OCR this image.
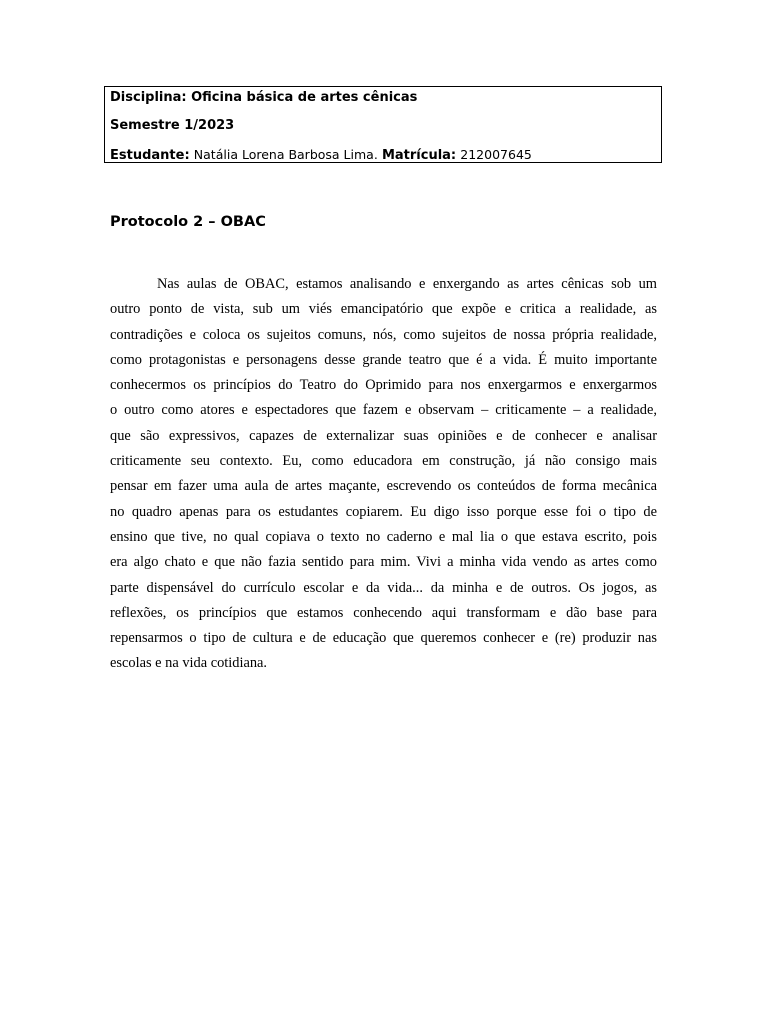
Disciplina: Oficina básica de artes cênicas
Semestre 1/2023
Estudante: Natália Lorena Barbosa Lima. Matrícula: 212007645
Protocolo 2 – OBAC
Nas aulas de OBAC, estamos analisando e enxergando as artes cênicas sob um
outro ponto de vista, sub um viés emancipatório que expõe e critica a realidade, as
contradições e coloca os sujeitos comuns, nós, como sujeitos de nossa própria realidade,
como protagonistas e personagens desse grande teatro que é a vida. É muito importante
conhecermos os princípios do Teatro do Oprimido para nos enxergarmos e enxergarmos
o outro como atores e espectadores que fazem e observam – criticamente – a realidade,
que são expressivos, capazes de externalizar suas opiniões e de conhecer e analisar
criticamente seu contexto. Eu, como educadora em construção, já não consigo mais
pensar em fazer uma aula de artes maçante, escrevendo os conteúdos de forma mecânica
no quadro apenas para os estudantes copiarem. Eu digo isso porque esse foi o tipo de
ensino que tive, no qual copiava o texto no caderno e mal lia o que estava escrito, pois
era algo chato e que não fazia sentido para mim. Vivi a minha vida vendo as artes como
parte dispensável do currículo escolar e da vida... da minha e de outros. Os jogos, as
reflexões, os princípios que estamos conhecendo aqui transformam e dão base para
repensarmos o tipo de cultura e de educação que queremos conhecer e (re) produzir nas
escolas e na vida cotidiana.
